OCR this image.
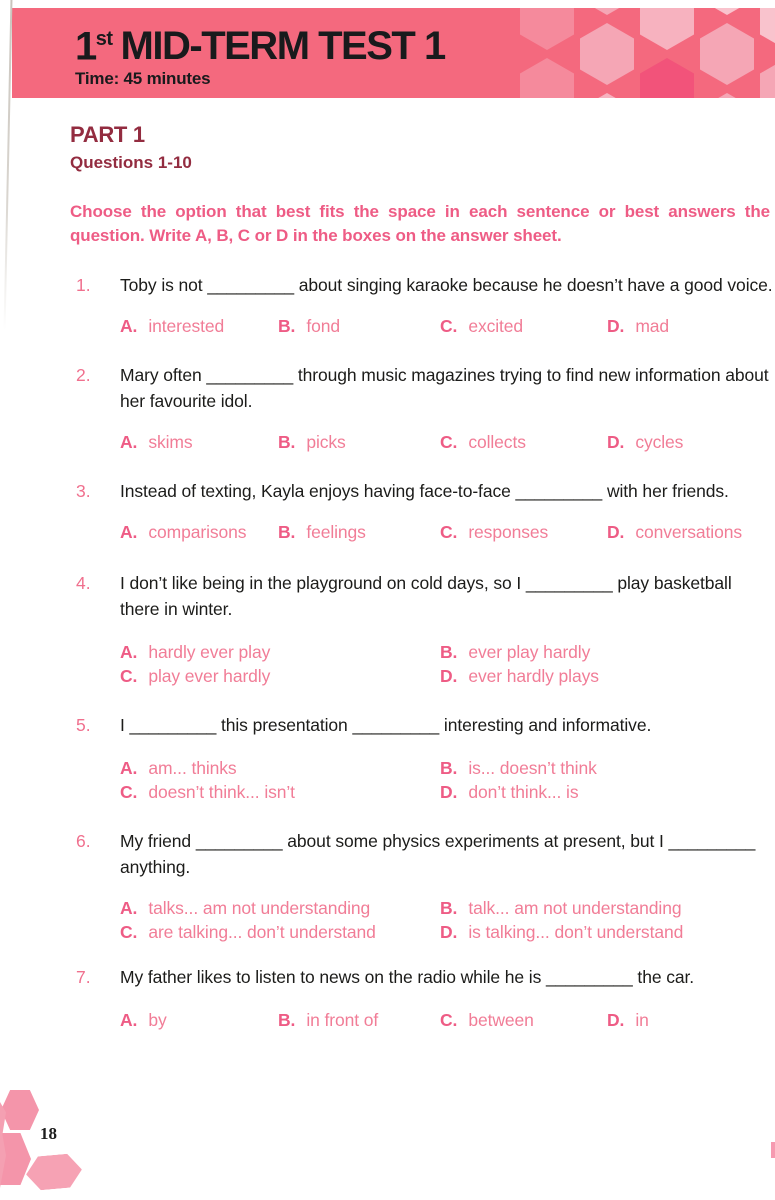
1st MID-TERM TEST 1
Time: 45 minutes
PART 1
Questions 1-10

Choose the option that best fits the space in each sentence or best answers the question. Write A, B, C or D in the boxes on the answer sheet.

1.	Toby is not _________ about singing karaoke because he doesn’t have a good voice.

A. interested	B. fond	C. excited	D. mad
2.	Mary often _________ through music magazines trying to find new information about her favourite idol.

A. skims	B. picks	C. collects	D. cycles
3.	Instead of texting, Kayla enjoys having face-to-face _________ with her friends.

A. comparisons	B. feelings	C. responses	D. conversations
4.	I don’t like being in the playground on cold days, so I _________ play basketball there in winter.

A. hardly ever play	B. ever play hardly
C. play ever hardly	D. ever hardly plays
5.	I _________ this presentation _________ interesting and informative.

A. am... thinks	B. is... doesn’t think
C. doesn’t think... isn’t	D. don’t think... is
6.	My friend _________ about some physics experiments at present, but I _________ anything.

A. talks... am not understanding	B. talk... am not understanding
C. are talking... don’t understand	D. is talking... don’t understand
7.	My father likes to listen to news on the radio while he is _________ the car.

A. by	B. in front of	C. between	D. in
18
